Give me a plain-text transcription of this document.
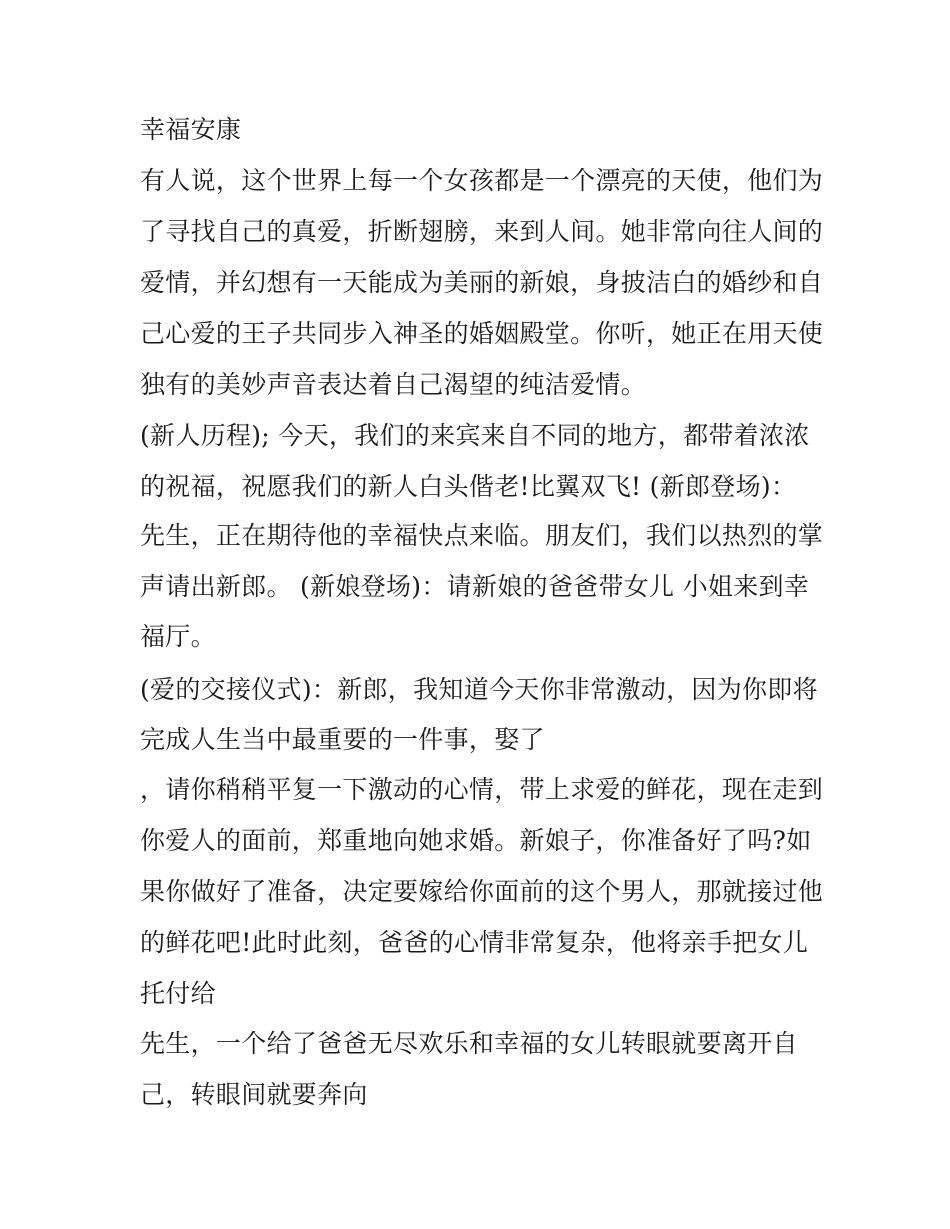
幸福安康
有人说，这个世界上每一个女孩都是一个漂亮的天使，他们为
了寻找自己的真爱，折断翅膀，来到人间。她非常向往人间的
爱情，并幻想有一天能成为美丽的新娘，身披洁白的婚纱和自
己心爱的王子共同步入神圣的婚姻殿堂。你听，她正在用天使
独有的美妙声音表达着自己渴望的纯洁爱情。
(新人历程); 今天，我们的来宾来自不同的地方，都带着浓浓
的祝福，祝愿我们的新人白头偕老!比翼双飞! (新郎登场)：
先生，正在期待他的幸福快点来临。朋友们，我们以热烈的掌
声请出新郎。 (新娘登场)：请新娘的爸爸带女儿 小姐来到幸
福厅。
(爱的交接仪式)：新郎，我知道今天你非常激动，因为你即将
完成人生当中最重要的一件事，娶了
，请你稍稍平复一下激动的心情，带上求爱的鲜花，现在走到
你爱人的面前，郑重地向她求婚。新娘子，你准备好了吗?如
果你做好了准备，决定要嫁给你面前的这个男人，那就接过他
的鲜花吧!此时此刻，爸爸的心情非常复杂，他将亲手把女儿
托付给
先生，一个给了爸爸无尽欢乐和幸福的女儿转眼就要离开自
己，转眼间就要奔向
